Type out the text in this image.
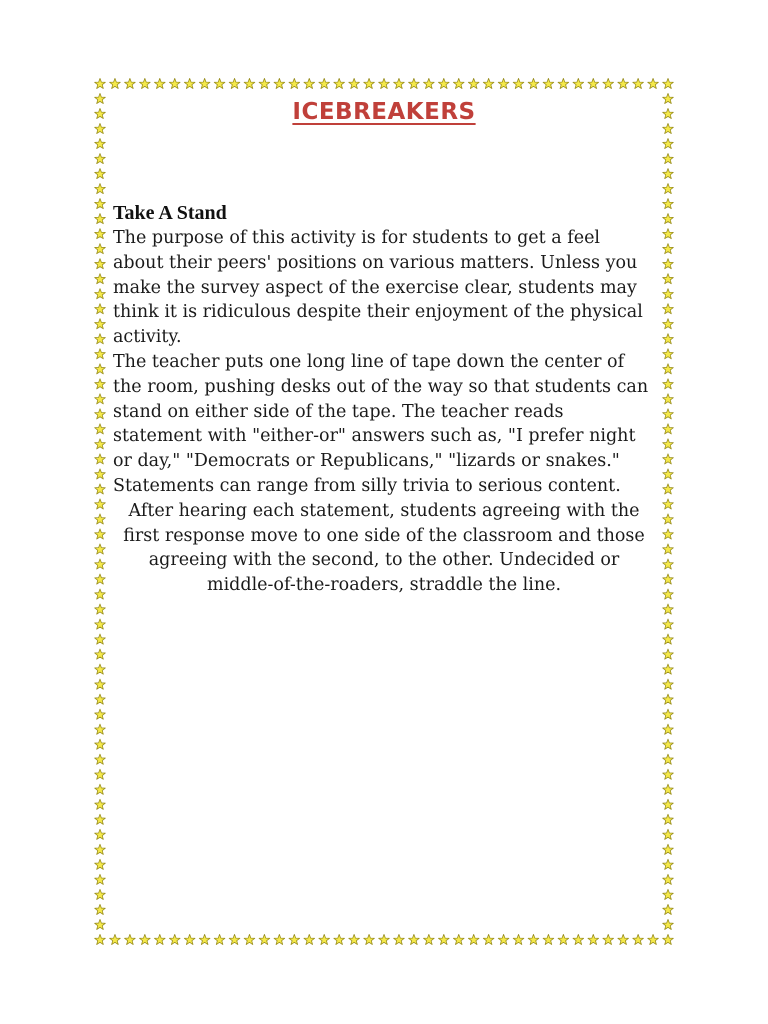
ICEBREAKERS
Take A Stand

The purpose of this activity is for students to get a feel about their peers' positions on various matters. Unless you make the survey aspect of the exercise clear, students may think it is ridiculous despite their enjoyment of the physical activity.

The teacher puts one long line of tape down the center of the room, pushing desks out of the way so that students can stand on either side of the tape. The teacher reads statement with "either-or" answers such as, "I prefer night or day," "Democrats or Republicans," "lizards or snakes." Statements can range from silly trivia to serious content.

After hearing each statement, students agreeing with the first response move to one side of the classroom and those agreeing with the second, to the other. Undecided or middle-of-the-roaders, straddle the line.
